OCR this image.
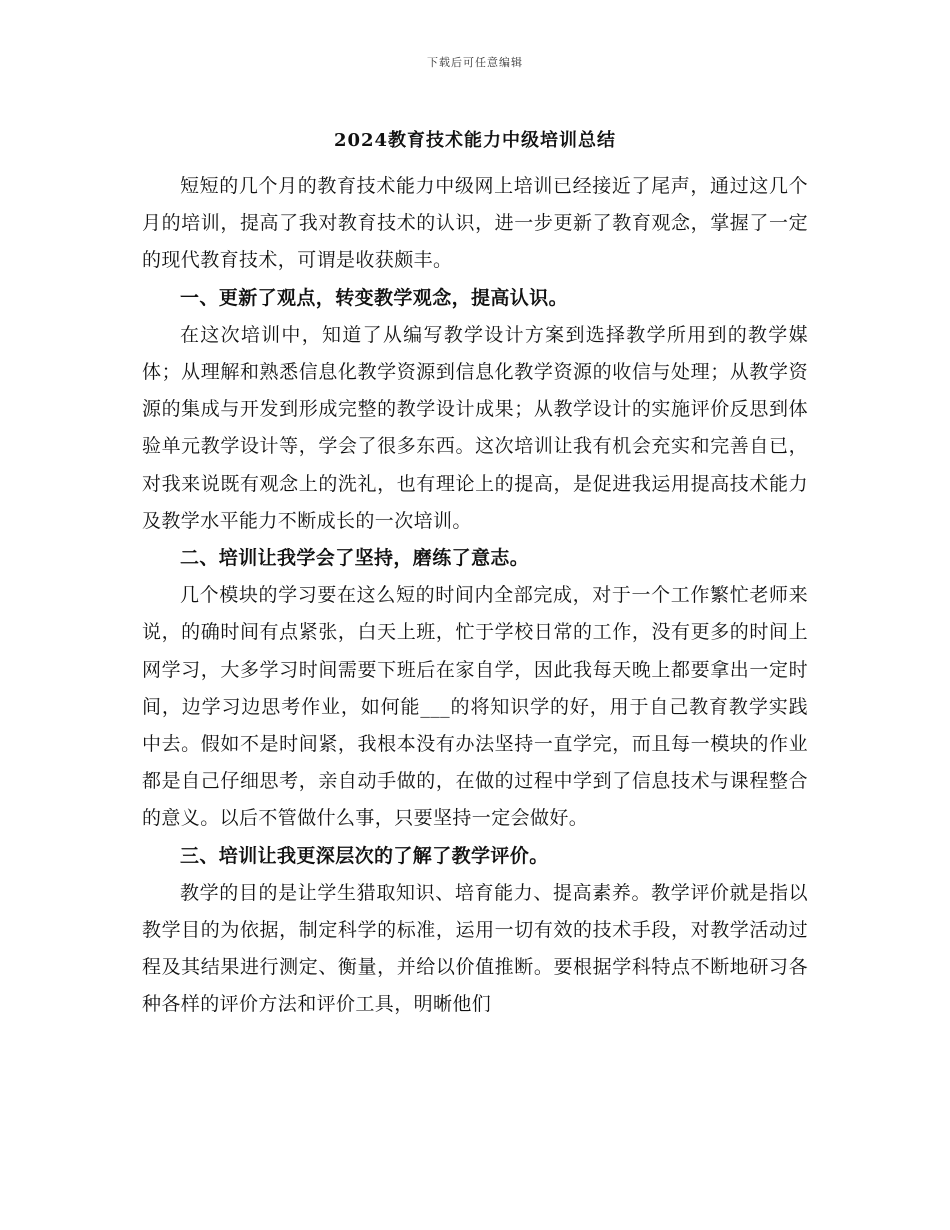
下载后可任意编辑
2024教育技术能力中级培训总结

短短的几个月的教育技术能力中级网上培训已经接近了尾声，通过这几个月的培训，提高了我对教育技术的认识，进一步更新了教育观念，掌握了一定的现代教育技术，可谓是收获颇丰。

一、更新了观点，转变教学观念，提高认识。

在这次培训中，知道了从编写教学设计方案到选择教学所用到的教学媒体；从理解和熟悉信息化教学资源到信息化教学资源的收信与处理；从教学资源的集成与开发到形成完整的教学设计成果；从教学设计的实施评价反思到体验单元教学设计等，学会了很多东西。这次培训让我有机会充实和完善自已，对我来说既有观念上的洗礼，也有理论上的提高，是促进我运用提高技术能力及教学水平能力不断成长的一次培训。

二、培训让我学会了坚持，磨练了意志。

几个模块的学习要在这么短的时间内全部完成，对于一个工作繁忙老师来说，的确时间有点紧张，白天上班，忙于学校日常的工作，没有更多的时间上网学习，大多学习时间需要下班后在家自学，因此我每天晚上都要拿出一定时间，边学习边思考作业，如何能___的将知识学的好，用于自己教育教学实践中去。假如不是时间紧，我根本没有办法坚持一直学完，而且每一模块的作业都是自己仔细思考，亲自动手做的，在做的过程中学到了信息技术与课程整合的意义。以后不管做什么事，只要坚持一定会做好。

三、培训让我更深层次的了解了教学评价。

教学的目的是让学生猎取知识、培育能力、提高素养。教学评价就是指以教学目的为依据，制定科学的标准，运用一切有效的技术手段，对教学活动过程及其结果进行测定、衡量，并给以价值推断。要根据学科特点不断地研习各种各样的评价方法和评价工具，明晰他们
